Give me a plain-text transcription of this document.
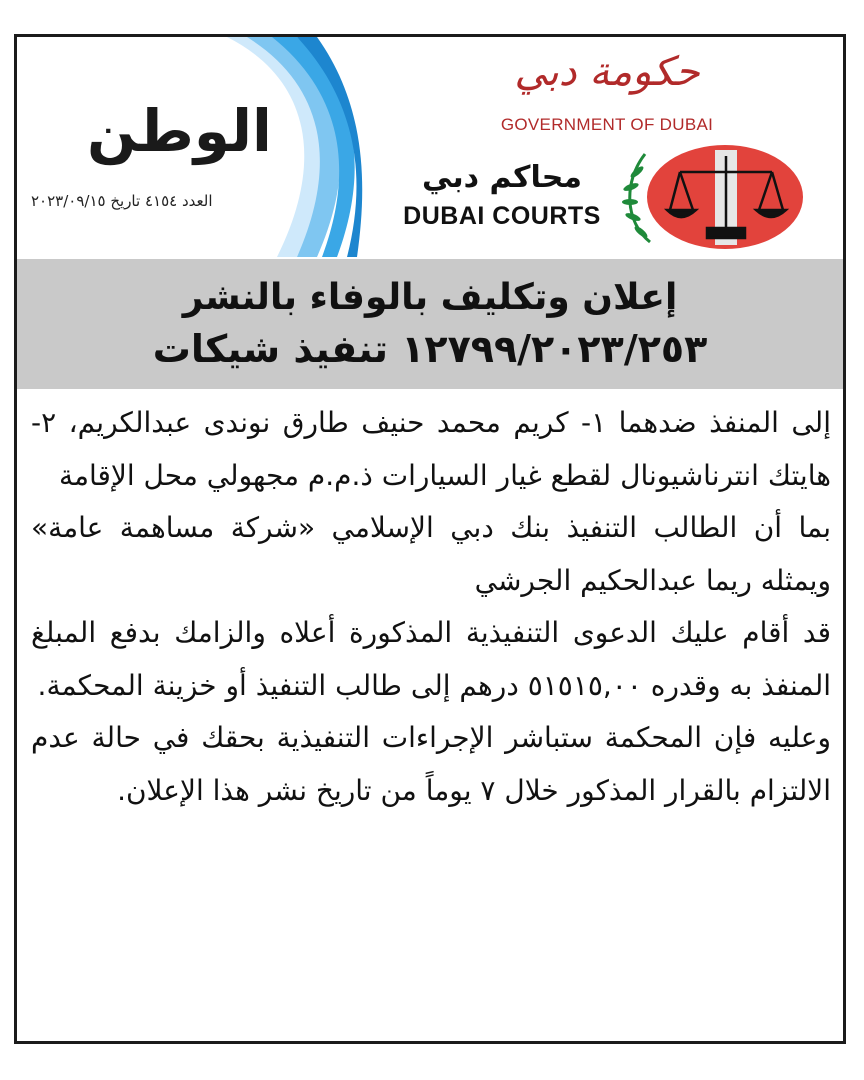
الوطن
العدد ٤١٥٤ تاريخ ٢٠٢٣/٠٩/١٥
حكومة دبي
GOVERNMENT OF DUBAI
محاكم دبي
DUBAI COURTS
إعلان وتكليف بالوفاء بالنشر
١٢٧٩٩/٢٠٢٣/٢٥٣ تنفيذ شيكات

إلى المنفذ ضدهما ١- كريم محمد حنيف طارق نوندى عبدالكريم، ٢- هايتك انترناشيونال لقطع غيار السيارات ذ.م.م مجهولي محل الإقامة

بما أن الطالب التنفيذ بنك دبي الإسلامي «شركة مساهمة عامة» ويمثله ريما عبدالحكيم الجرشي

قد أقام عليك الدعوى التنفيذية المذكورة أعلاه والزامك بدفع المبلغ المنفذ به وقدره ٥١٥١٥,٠٠ درهم إلى طالب التنفيذ أو خزينة المحكمة.

وعليه فإن المحكمة ستباشر الإجراءات التنفيذية بحقك في حالة عدم الالتزام بالقرار المذكور خلال ٧ يوماً من تاريخ نشر هذا الإعلان.
